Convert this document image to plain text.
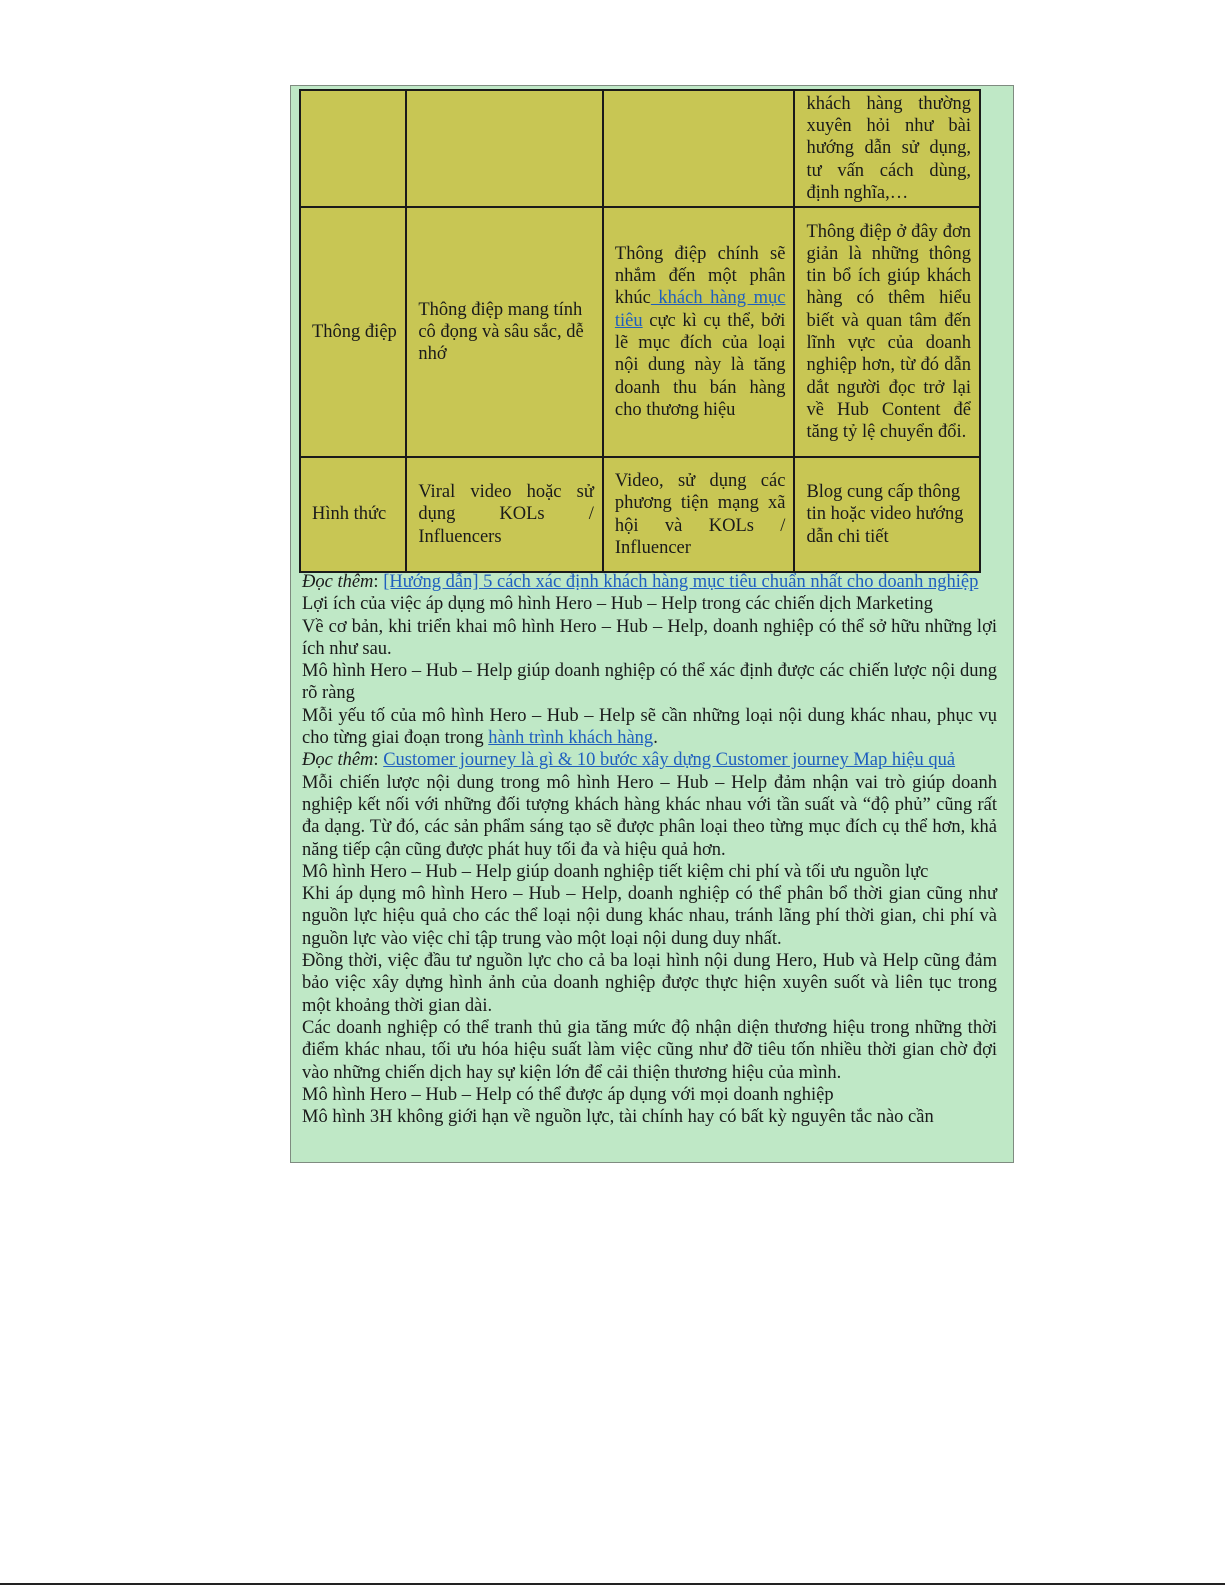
			khách hàng thường xuyên hỏi như bài hướng dẫn sử dụng, tư vấn cách dùng, định nghĩa,…
Thông điệp	Thông điệp mang tính cô đọng và sâu sắc, dễ nhớ	Thông điệp chính sẽ nhắm đến một phân khúc khách hàng mục tiêu cực kì cụ thể, bởi lẽ mục đích của loại nội dung này là tăng doanh thu bán hàng cho thương hiệu	Thông điệp ở đây đơn giản là những thông tin bổ ích giúp khách hàng có thêm hiểu biết và quan tâm đến lĩnh vực của doanh nghiệp hơn, từ đó dẫn dắt người đọc trở lại về Hub Content để tăng tỷ lệ chuyển đổi.
Hình thức	Viral video hoặc sử dụng KOLs / Influencers	Video, sử dụng các phương tiện mạng xã hội và KOLs / Influencer	Blog cung cấp thông tin hoặc video hướng dẫn chi tiết

Đọc thêm: [Hướng dẫn] 5 cách xác định khách hàng mục tiêu chuẩn nhất cho doanh nghiệp

Lợi ích của việc áp dụng mô hình Hero – Hub – Help trong các chiến dịch Marketing

Về cơ bản, khi triển khai mô hình Hero – Hub – Help, doanh nghiệp có thể sở hữu những lợi ích như sau.

Mô hình Hero – Hub – Help giúp doanh nghiệp có thể xác định được các chiến lược nội dung rõ ràng

Mỗi yếu tố của mô hình Hero – Hub – Help sẽ cần những loại nội dung khác nhau, phục vụ cho từng giai đoạn trong hành trình khách hàng.

Đọc thêm: Customer journey là gì & 10 bước xây dựng Customer journey Map hiệu quả

Mỗi chiến lược nội dung trong mô hình Hero – Hub – Help đảm nhận vai trò giúp doanh nghiệp kết nối với những đối tượng khách hàng khác nhau với tần suất và “độ phủ” cũng rất đa dạng. Từ đó, các sản phẩm sáng tạo sẽ được phân loại theo từng mục đích cụ thể hơn, khả năng tiếp cận cũng được phát huy tối đa và hiệu quả hơn.

Mô hình Hero – Hub – Help giúp doanh nghiệp tiết kiệm chi phí và tối ưu nguồn lực

Khi áp dụng mô hình Hero – Hub – Help, doanh nghiệp có thể phân bổ thời gian cũng như nguồn lực hiệu quả cho các thể loại nội dung khác nhau, tránh lãng phí thời gian, chi phí và nguồn lực vào việc chỉ tập trung vào một loại nội dung duy nhất.

Đồng thời, việc đầu tư nguồn lực cho cả ba loại hình nội dung Hero, Hub và Help cũng đảm bảo việc xây dựng hình ảnh của doanh nghiệp được thực hiện xuyên suốt và liên tục trong một khoảng thời gian dài.

Các doanh nghiệp có thể tranh thủ gia tăng mức độ nhận diện thương hiệu trong những thời điểm khác nhau, tối ưu hóa hiệu suất làm việc cũng như đỡ tiêu tốn nhiều thời gian chờ đợi vào những chiến dịch hay sự kiện lớn để cải thiện thương hiệu của mình.

Mô hình Hero – Hub – Help có thể được áp dụng với mọi doanh nghiệp

Mô hình 3H không giới hạn về nguồn lực, tài chính hay có bất kỳ nguyên tắc nào cần
